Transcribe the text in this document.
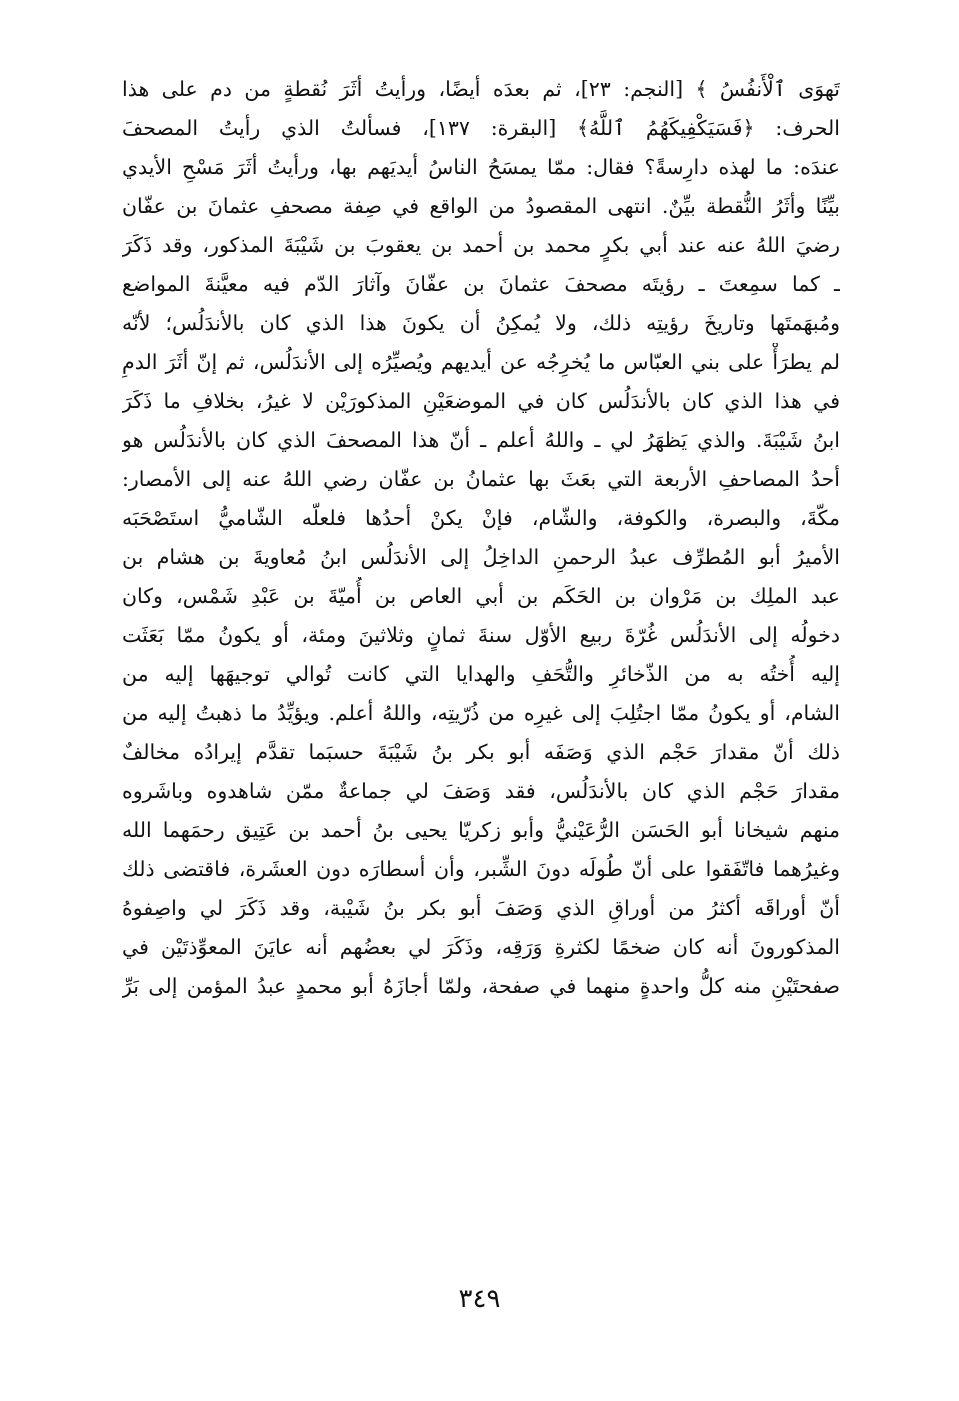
تَهوَى ٱلْأَنفُسُ ﴾ [النجم: ٢٣]، ثم بعدَه أيضًا، ورأيتُ أثَرَ نُقطةٍ من دم على هذا
الحرف: ﴿فَسَيَكْفِيكَهُمُ ٱللَّهُ﴾ [البقرة: ١٣٧]، فسألتُ الذي رأيتُ المصحفَ
عندَه: ما لهذه دارِسةً؟ فقال: ممّا يمسَحُ الناسُ أيديَهم بها، ورأيتُ أثَرَ مَسْحِ الأيدي
بيِّنًا وأثَرُ النُّقطة بيِّنٌ. انتهى المقصودُ من الواقع في صِفة مصحفِ عثمانَ بن عفّان
رضيَ اللهُ عنه عند أبي بكرٍ محمد بن أحمد بن يعقوبَ بن شَيْبَةَ المذكور، وقد ذَكَرَ
ـ كما سمِعتَ ـ رؤيتَه مصحفَ عثمانَ بن عفّانَ وآثارَ الدّم فيه معيَّنةَ المواضع
ومُبهَمتَها وتاريخَ رؤيتِه ذلك، ولا يُمكِنُ أن يكونَ هذا الذي كان بالأندَلُس؛ لأنّه
لم يطرَأْ على بني العبّاس ما يُخرِجُه عن أيديهم ويُصيِّرُه إلى الأندَلُس، ثم إنّ أثَرَ الدمِ
في هذا الذي كان بالأندَلُس كان في الموضعَيْنِ المذكورَيْن لا غيرُ، بخلافِ ما ذَكَرَ
ابنُ شَيْبَةَ. والذي يَظهَرُ لي ـ واللهُ أعلم ـ أنّ هذا المصحفَ الذي كان بالأندَلُس هو
أحدُ المصاحفِ الأربعة التي بعَثَ بها عثمانُ بن عفّان رضي اللهُ عنه إلى الأمصار:
مكّةَ، والبصرة، والكوفة، والشّام، فإنْ يكنْ أحدُها فلعلّه الشّاميُّ استَصْحَبَه
الأميرُ أبو المُطرِّف عبدُ الرحمنِ الداخِلُ إلى الأندَلُس ابنُ مُعاويةَ بن هشام بن
عبد الملِك بن مَرْوان بن الحَكَم بن أبي العاص بن أُميّةَ بن عَبْدِ شَمْس، وكان
دخولُه إلى الأندَلُس غُرّةَ ربيع الأوّل سنةَ ثمانٍ وثلاثينَ ومئة، أو يكونُ ممّا بَعَثَت
إليه أُختُه به من الذّخائرِ والتُّحَفِ والهدايا التي كانت تُوالي توجيهَها إليه من
الشام، أو يكونُ ممّا اجتُلِبَ إلى غيرِه من ذُرّيتِه، واللهُ أعلم. ويؤيِّدُ ما ذهبتُ إليه من
ذلك أنّ مقدارَ حَجْم الذي وَصَفَه أبو بكر بنُ شَيْبَةَ حسبَما تقدَّم إيرادُه مخالفٌ
مقدارَ حَجْم الذي كان بالأندَلُس، فقد وَصَفَ لي جماعةٌ ممّن شاهدوه وباشَروه
منهم شيخانا أبو الحَسَن الرُّعَيْنيُّ وأبو زكريّا يحيى بنُ أحمد بن عَتِيق رحمَهما الله
وغيرُهما فاتّفَقوا على أنّ طُولَه دونَ الشِّبر، وأن أسطارَه دون العشَرة، فاقتضى ذلك
أنّ أوراقَه أكثرُ من أوراقِ الذي وَصَفَ أبو بكر بنُ شَيْبة، وقد ذَكَرَ لي واصِفوهُ
المذكورونَ أنه كان ضخمًا لكثرةِ وَرَقِه، وذَكَرَ لي بعضُهم أنه عايَنَ المعوِّذتَيْن في
صفحتَيْنِ منه كلُّ واحدةٍ منهما في صفحة، ولمّا أجازَهُ أبو محمدٍ عبدُ المؤمن إلى بَرِّ
٣٤٩
